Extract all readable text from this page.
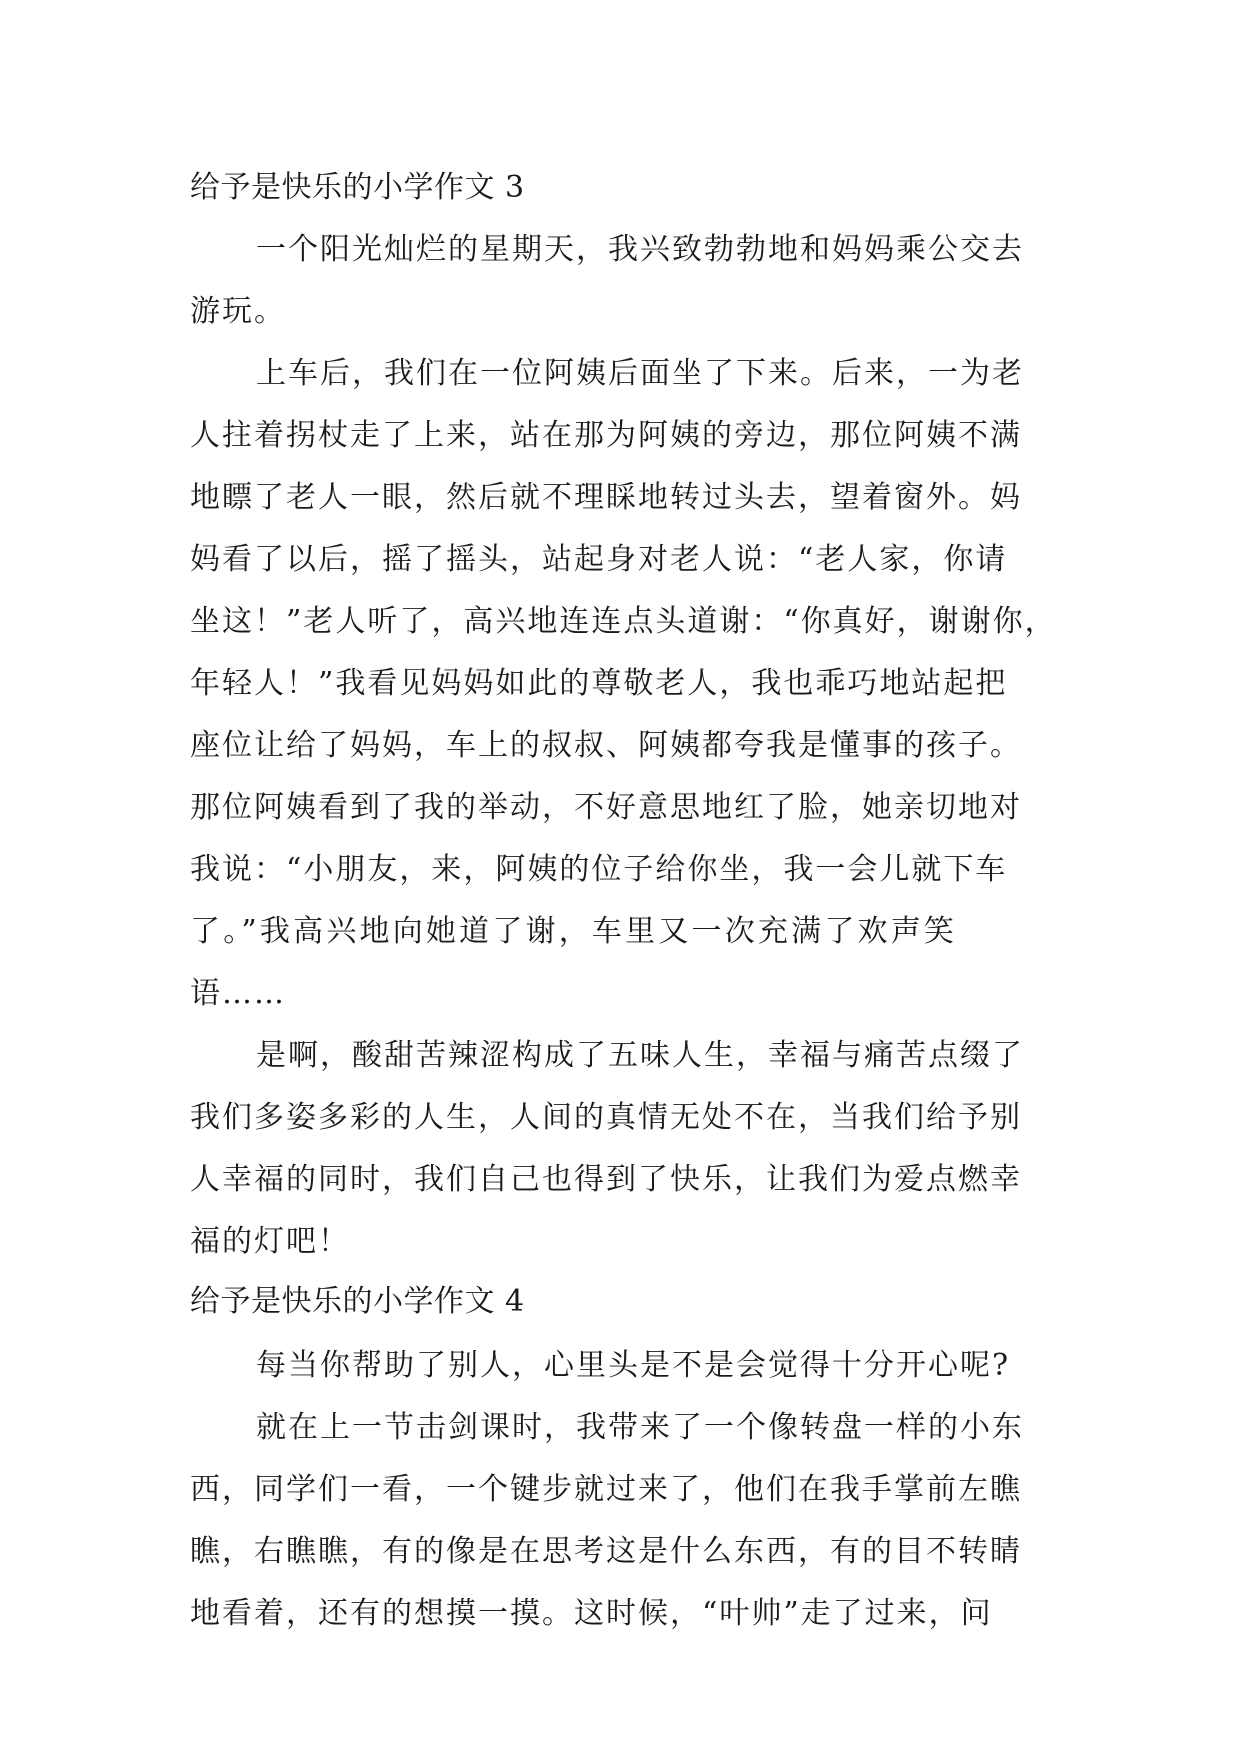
给予是快乐的小学作文 3
一个阳光灿烂的星期天，我兴致勃勃地和妈妈乘公交去
游玩。
上车后，我们在一位阿姨后面坐了下来。后来，一为老
人拄着拐杖走了上来，站在那为阿姨的旁边，那位阿姨不满
地瞟了老人一眼，然后就不理睬地转过头去，望着窗外。妈
妈看了以后，摇了摇头，站起身对老人说：“老人家，你请
坐这！”老人听了，高兴地连连点头道谢：“你真好，谢谢你，
年轻人！”我看见妈妈如此的尊敬老人，我也乖巧地站起把
座位让给了妈妈，车上的叔叔、阿姨都夸我是懂事的孩子。
那位阿姨看到了我的举动，不好意思地红了脸，她亲切地对
我说：“小朋友，来，阿姨的位子给你坐，我一会儿就下车
了。”我高兴地向她道了谢，车里又一次充满了欢声笑
语……
是啊，酸甜苦辣涩构成了五味人生，幸福与痛苦点缀了
我们多姿多彩的人生，人间的真情无处不在，当我们给予别
人幸福的同时，我们自己也得到了快乐，让我们为爱点燃幸
福的灯吧！
给予是快乐的小学作文 4
每当你帮助了别人，心里头是不是会觉得十分开心呢?
就在上一节击剑课时，我带来了一个像转盘一样的小东
西，同学们一看，一个键步就过来了，他们在我手掌前左瞧
瞧，右瞧瞧，有的像是在思考这是什么东西，有的目不转睛
地看着，还有的想摸一摸。这时候，“叶帅”走了过来，问
